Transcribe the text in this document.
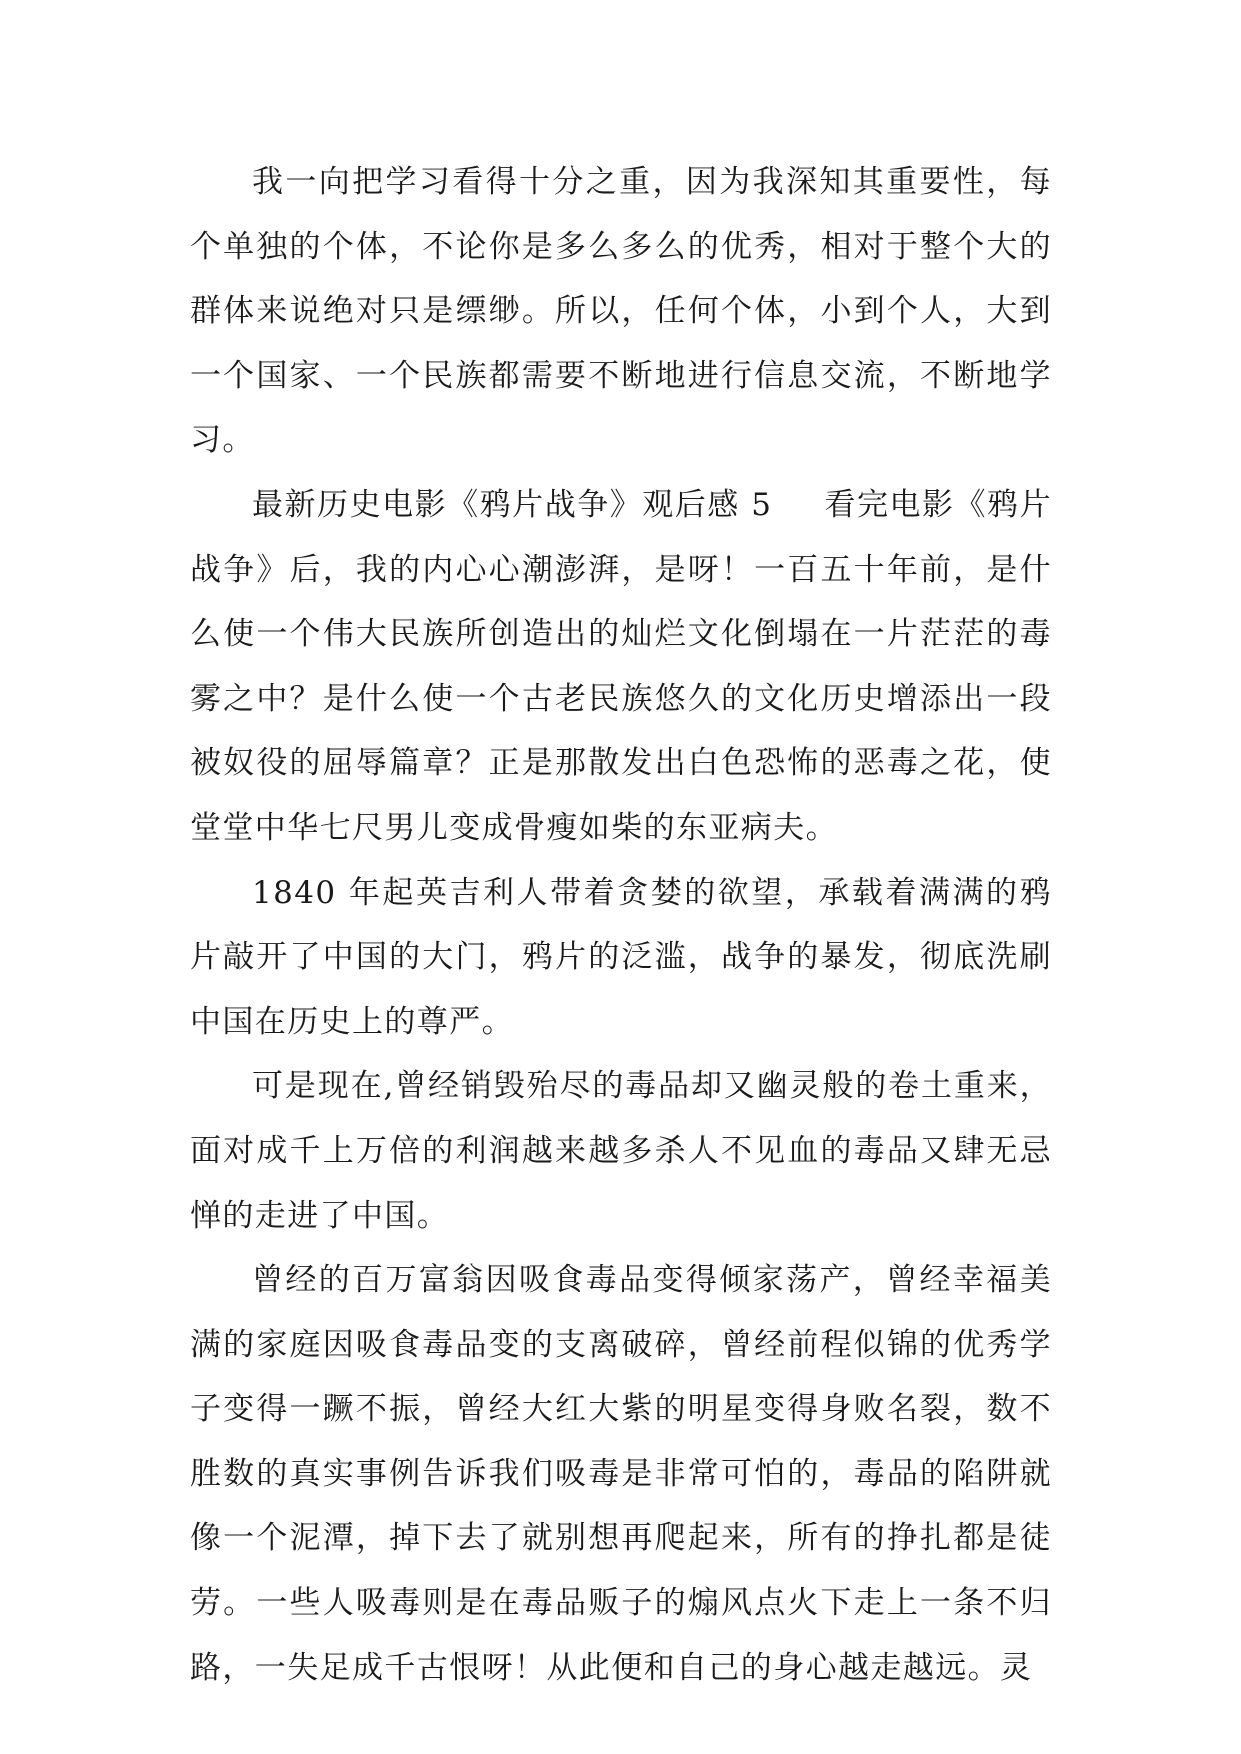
我一向把学习看得十分之重，因为我深知其重要性，每个单独的个体，不论你是多么多么的优秀，相对于整个大的群体来说绝对只是缥缈。所以，任何个体，小到个人，大到一个国家、一个民族都需要不断地进行信息交流，不断地学习。

最新历史电影《鸦片战争》观后感 5 看完电影《鸦片战争》后，我的内心心潮澎湃，是呀！一百五十年前，是什么使一个伟大民族所创造出的灿烂文化倒塌在一片茫茫的毒雾之中？是什么使一个古老民族悠久的文化历史增添出一段被奴役的屈辱篇章？正是那散发出白色恐怖的恶毒之花，使堂堂中华七尺男儿变成骨瘦如柴的东亚病夫。

1840 年起英吉利人带着贪婪的欲望，承载着满满的鸦片敲开了中国的大门，鸦片的泛滥，战争的暴发，彻底洗刷中国在历史上的尊严。

可是现在,曾经销毁殆尽的毒品却又幽灵般的卷土重来，面对成千上万倍的利润越来越多杀人不见血的毒品又肆无忌惮的走进了中国。

曾经的百万富翁因吸食毒品变得倾家荡产，曾经幸福美满的家庭因吸食毒品变的支离破碎，曾经前程似锦的优秀学子变得一蹶不振，曾经大红大紫的明星变得身败名裂，数不胜数的真实事例告诉我们吸毒是非常可怕的，毒品的陷阱就像一个泥潭，掉下去了就别想再爬起来，所有的挣扎都是徒劳。一些人吸毒则是在毒品贩子的煽风点火下走上一条不归路，一失足成千古恨呀！从此便和自己的身心越走越远。灵
